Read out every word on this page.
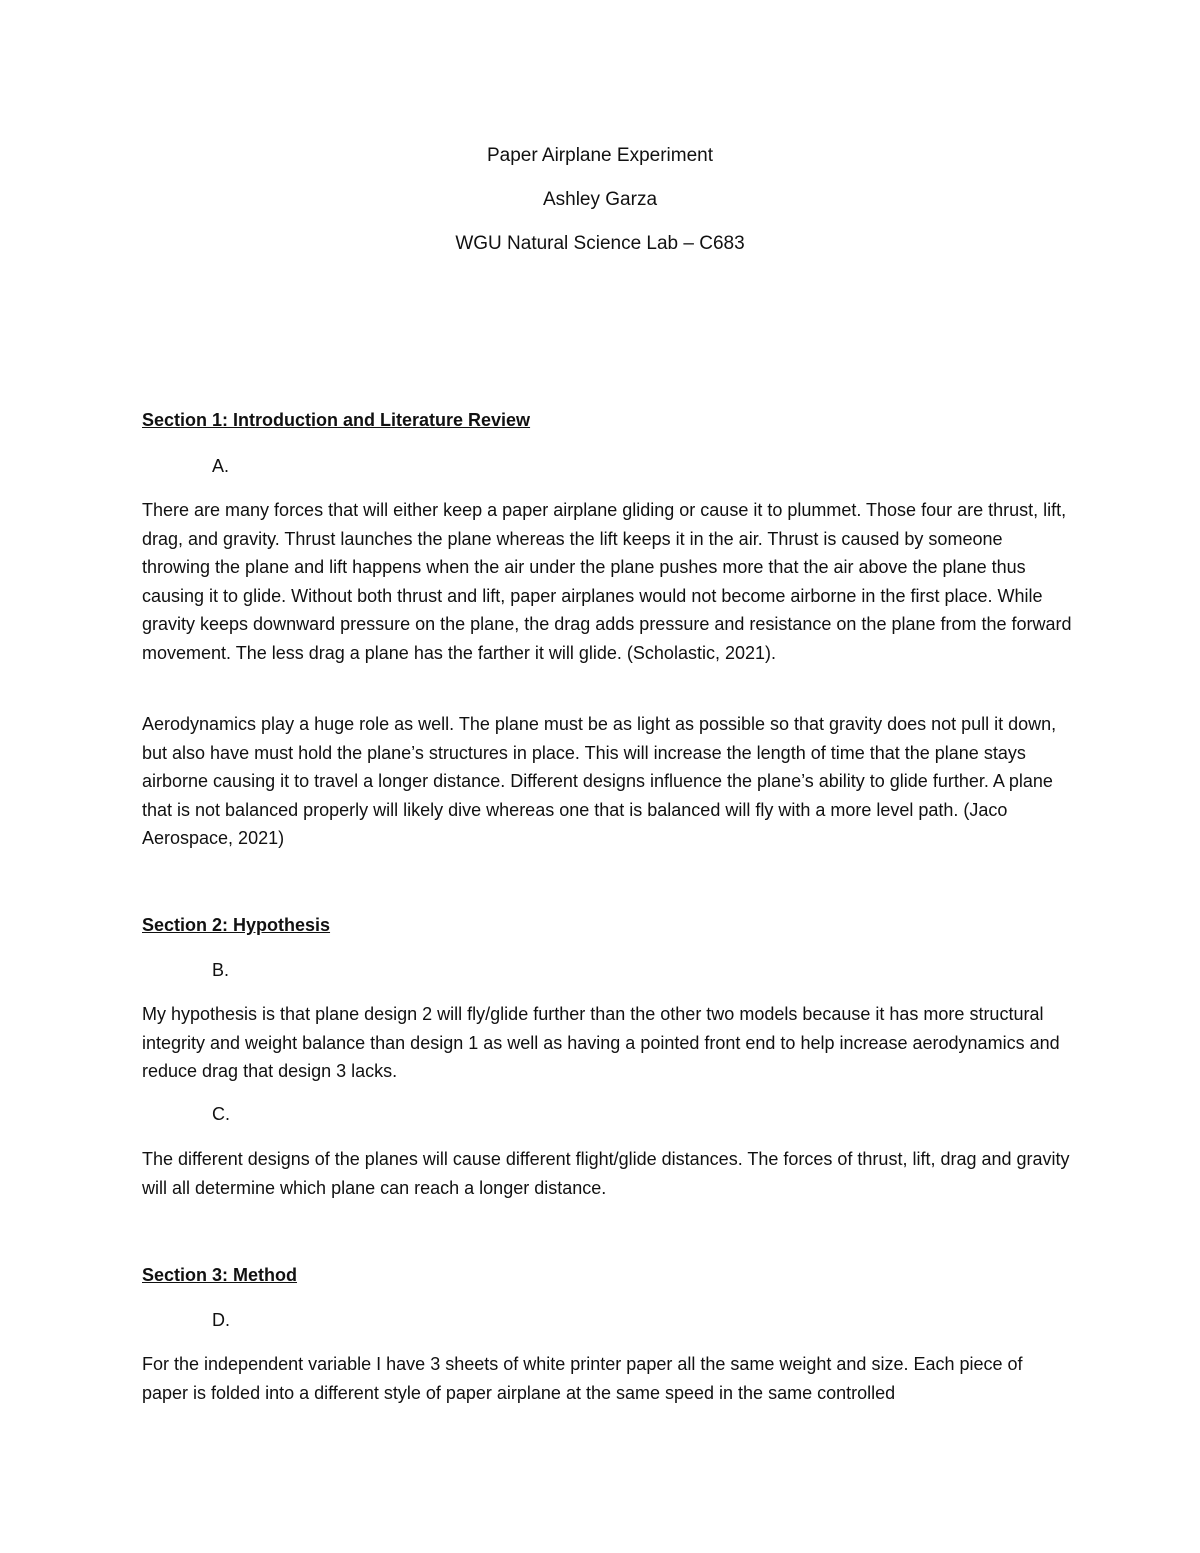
Paper Airplane Experiment
Ashley Garza
WGU Natural Science Lab – C683
Section 1: Introduction and Literature Review
A.

There are many forces that will either keep a paper airplane gliding or cause it to plummet. Those four are thrust, lift, drag, and gravity. Thrust launches the plane whereas the lift keeps it in the air. Thrust is caused by someone throwing the plane and lift happens when the air under the plane pushes more that the air above the plane thus causing it to glide. Without both thrust and lift, paper airplanes would not become airborne in the first place. While gravity keeps downward pressure on the plane, the drag adds pressure and resistance on the plane from the forward movement. The less drag a plane has the farther it will glide. (Scholastic, 2021).

Aerodynamics play a huge role as well. The plane must be as light as possible so that gravity does not pull it down, but also have must hold the plane’s structures in place. This will increase the length of time that the plane stays airborne causing it to travel a longer distance. Different designs influence the plane’s ability to glide further. A plane that is not balanced properly will likely dive whereas one that is balanced will fly with a more level path. (Jaco Aerospace, 2021)

Section 2: Hypothesis
B.

My hypothesis is that plane design 2 will fly/glide further than the other two models because it has more structural integrity and weight balance than design 1 as well as having a pointed front end to help increase aerodynamics and reduce drag that design 3 lacks.

C.

The different designs of the planes will cause different flight/glide distances. The forces of thrust, lift, drag and gravity will all determine which plane can reach a longer distance.

Section 3: Method
D.

For the independent variable I have 3 sheets of white printer paper all the same weight and size. Each piece of paper is folded into a different style of paper airplane at the same speed in the same controlled
